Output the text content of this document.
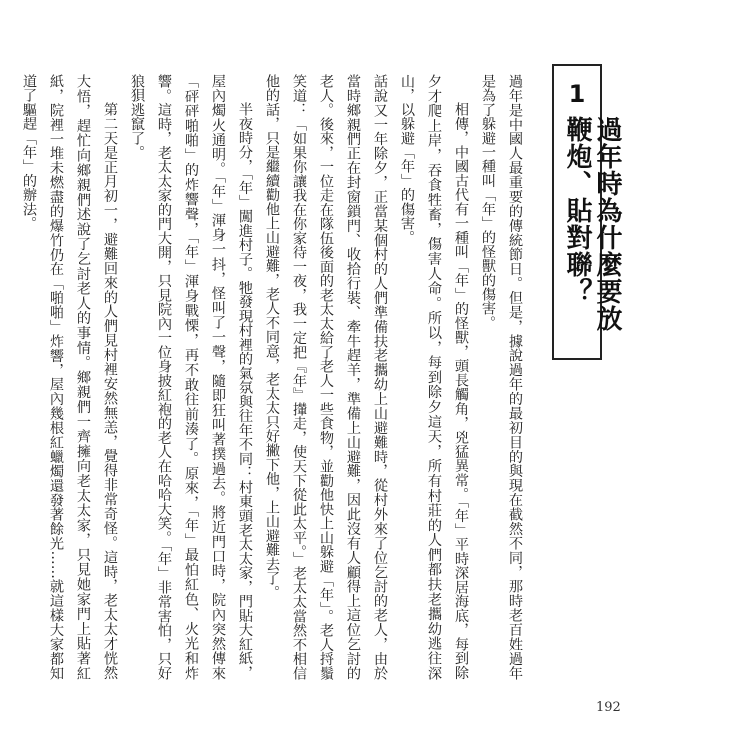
1
過年時為什麼要放鞭炮、貼對聯？

過年是中國人最重要的傳統節日。但是，據說過年的最初目的與現在截然不同，那時老百姓過年是為了躲避一種叫「年」的怪獸的傷害。

相傳，中國古代有一種叫「年」的怪獸，頭長觸角，兇猛異常。「年」平時深居海底，每到除夕才爬上岸，吞食牲畜，傷害人命。所以，每到除夕這天，所有村莊的人們都扶老攜幼逃往深山，以躲避「年」的傷害。

話說又一年除夕，正當某個村的人們準備扶老攜幼上山避難時，從村外來了位乞討的老人，由於當時鄉親們正在封窗鎖門、收拾行裝、牽牛趕羊，準備上山避難，因此沒有人顧得上這位乞討的老人。後來，一位走在隊伍後面的老太太給了老人一些食物，並勸他快上山躲避「年」。老人捋鬚笑道：「如果你讓我在你家待一夜，我一定把『年』攆走，使天下從此太平。」老太太當然不相信他的話，只是繼續勸他上山避難，老人不同意，老太太只好撇下他，上山避難去了。

半夜時分，「年」闖進村子。牠發現村裡的氣氛與往年不同：村東頭老太太家，門貼大紅紙，屋內燭火通明。「年」渾身一抖，怪叫了一聲，隨即狂叫著撲過去。將近門口時，院內突然傳來「砰砰啪啪」的炸響聲，「年」渾身戰慄，再不敢往前湊了。原來，「年」最怕紅色、火光和炸響。這時，老太太家的門大開，只見院內一位身披紅袍的老人在哈哈大笑。「年」非常害怕，只好狼狽逃竄了。

第二天是正月初一，避難回來的人們見村裡安然無恙，覺得非常奇怪。這時，老太太才恍然大悟，趕忙向鄉親們述說了乞討老人的事情。鄉親們一齊擁向老太太家，只見她家門上貼著紅紙，院裡一堆未燃盡的爆竹仍在「啪啪」炸響，屋內幾根紅蠟燭還發著餘光……就這樣大家都知道了驅趕「年」的辦法。

192
